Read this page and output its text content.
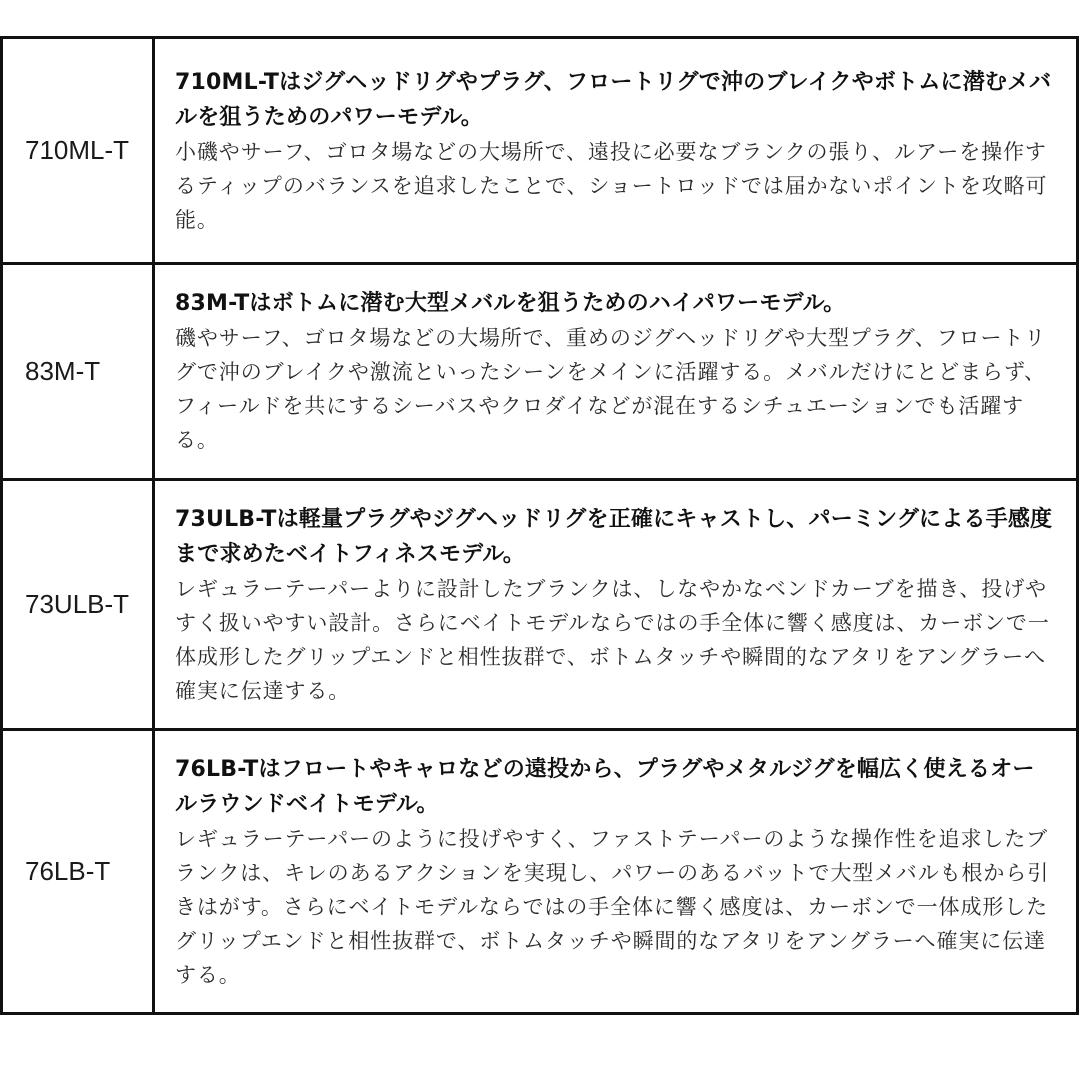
710ML-T	710ML-Tはジグヘッドリグやプラグ、フロートリグで沖のブレイクやボトムに潜むメバルを狙うためのパワーモデル。
小磯やサーフ、ゴロタ場などの大場所で、遠投に必要なブランクの張り、ルアーを操作するティップのバランスを追求したことで、ショートロッドでは届かないポイントを攻略可能。

83M-T	83M-Tはボトムに潜む大型メバルを狙うためのハイパワーモデル。
磯やサーフ、ゴロタ場などの大場所で、重めのジグヘッドリグや大型プラグ、フロートリグで沖のブレイクや激流といったシーンをメインに活躍する。メバルだけにとどまらず、フィールドを共にするシーバスやクロダイなどが混在するシチュエーションでも活躍する。

73ULB-T	73ULB-Tは軽量プラグやジグヘッドリグを正確にキャストし、パーミングによる手感度まで求めたベイトフィネスモデル。
レギュラーテーパーよりに設計したブランクは、しなやかなベンドカーブを描き、投げやすく扱いやすい設計。さらにベイトモデルならではの手全体に響く感度は、カーボンで一体成形したグリップエンドと相性抜群で、ボトムタッチや瞬間的なアタリをアングラーへ確実に伝達する。

76LB-T	76LB-Tはフロートやキャロなどの遠投から、プラグやメタルジグを幅広く使えるオールラウンドベイトモデル。
レギュラーテーパーのように投げやすく、ファストテーパーのような操作性を追求したブランクは、キレのあるアクションを実現し、パワーのあるバットで大型メバルも根から引きはがす。さらにベイトモデルならではの手全体に響く感度は、カーボンで一体成形したグリップエンドと相性抜群で、ボトムタッチや瞬間的なアタリをアングラーへ確実に伝達する。
